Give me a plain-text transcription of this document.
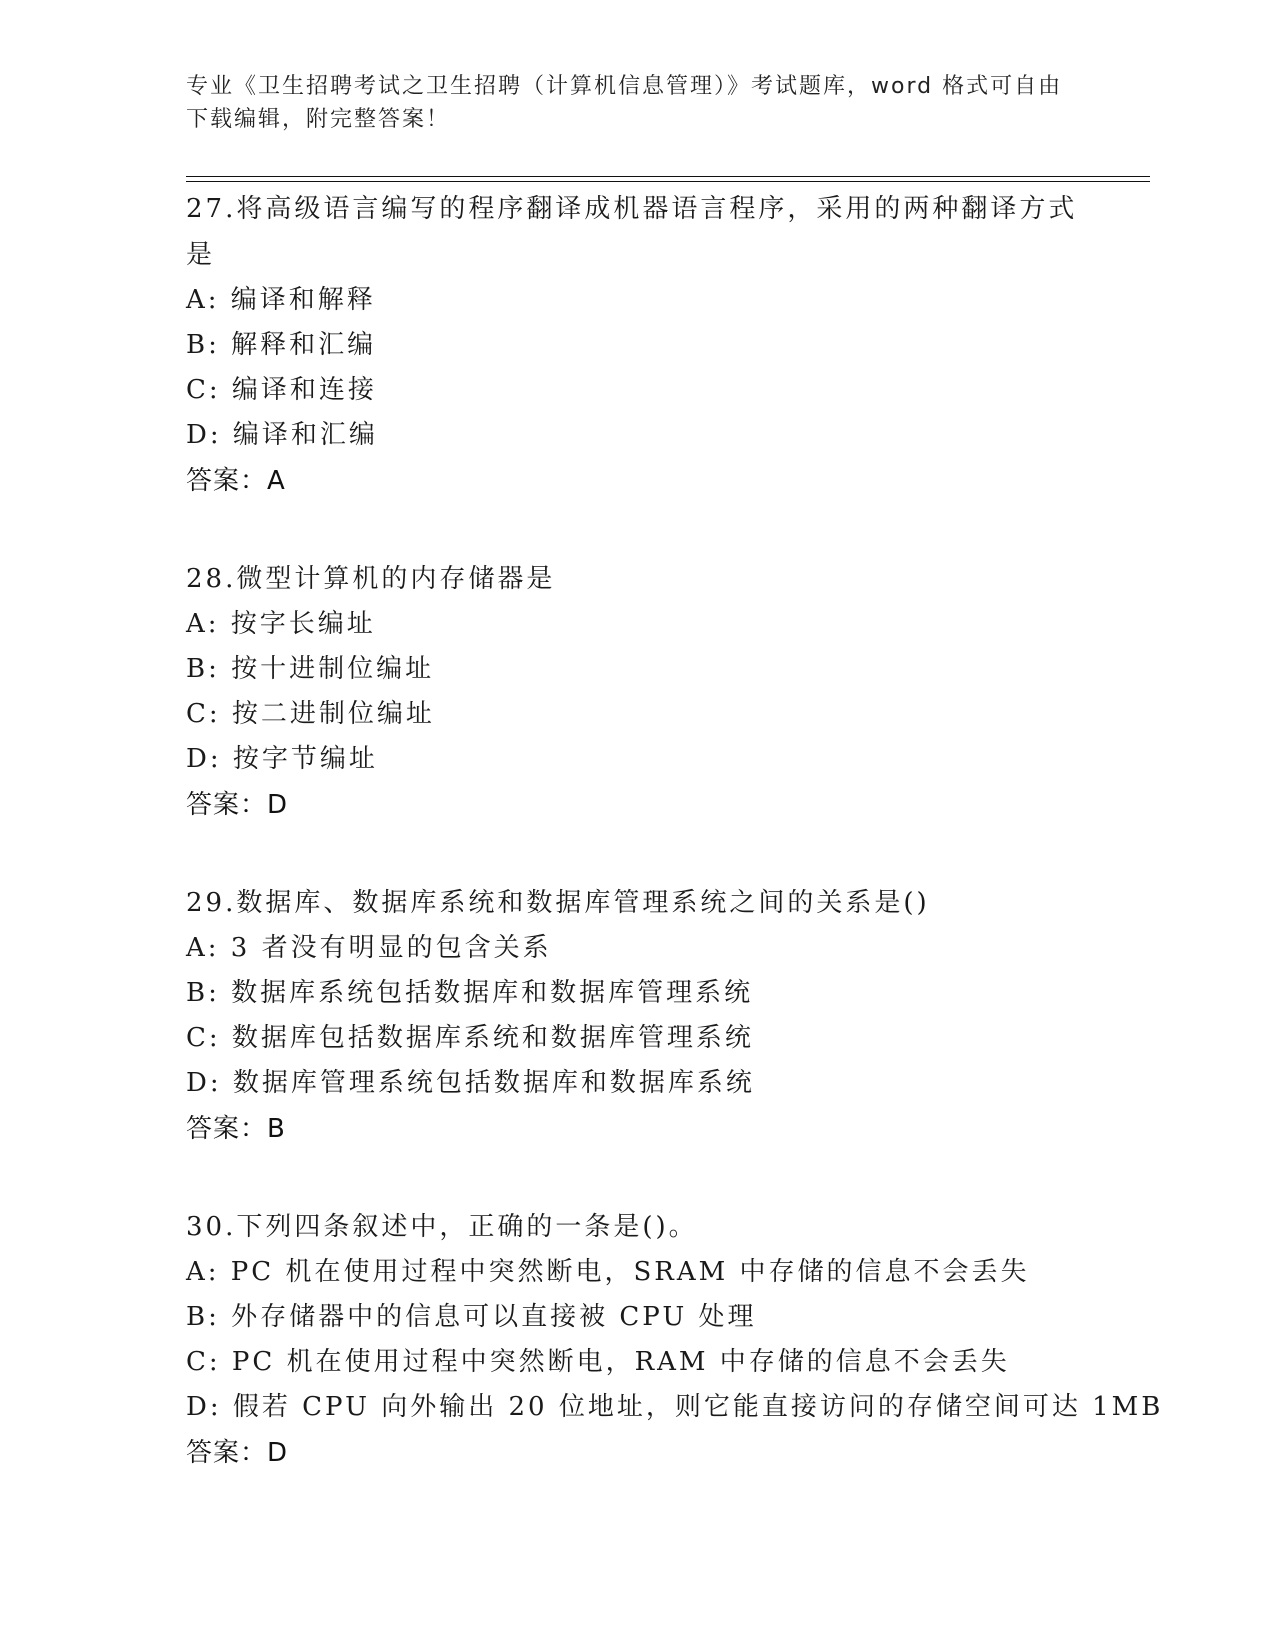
专业《卫生招聘考试之卫生招聘（计算机信息管理）》考试题库，word 格式可自由下载编辑，附完整答案！
27.将高级语言编写的程序翻译成机器语言程序，采用的两种翻译方式是
A: 编译和解释
B: 解释和汇编
C: 编译和连接
D: 编译和汇编
答案：A
28.微型计算机的内存储器是
A: 按字长编址
B: 按十进制位编址
C: 按二进制位编址
D: 按字节编址
答案：D
29.数据库、数据库系统和数据库管理系统之间的关系是()
A: 3 者没有明显的包含关系
B: 数据库系统包括数据库和数据库管理系统
C: 数据库包括数据库系统和数据库管理系统
D: 数据库管理系统包括数据库和数据库系统
答案：B
30.下列四条叙述中，正确的一条是()。
A: PC 机在使用过程中突然断电，SRAM 中存储的信息不会丢失
B: 外存储器中的信息可以直接被 CPU 处理
C: PC 机在使用过程中突然断电，RAM 中存储的信息不会丢失
D: 假若 CPU 向外输出 20 位地址，则它能直接访问的存储空间可达 1MB
答案：D
